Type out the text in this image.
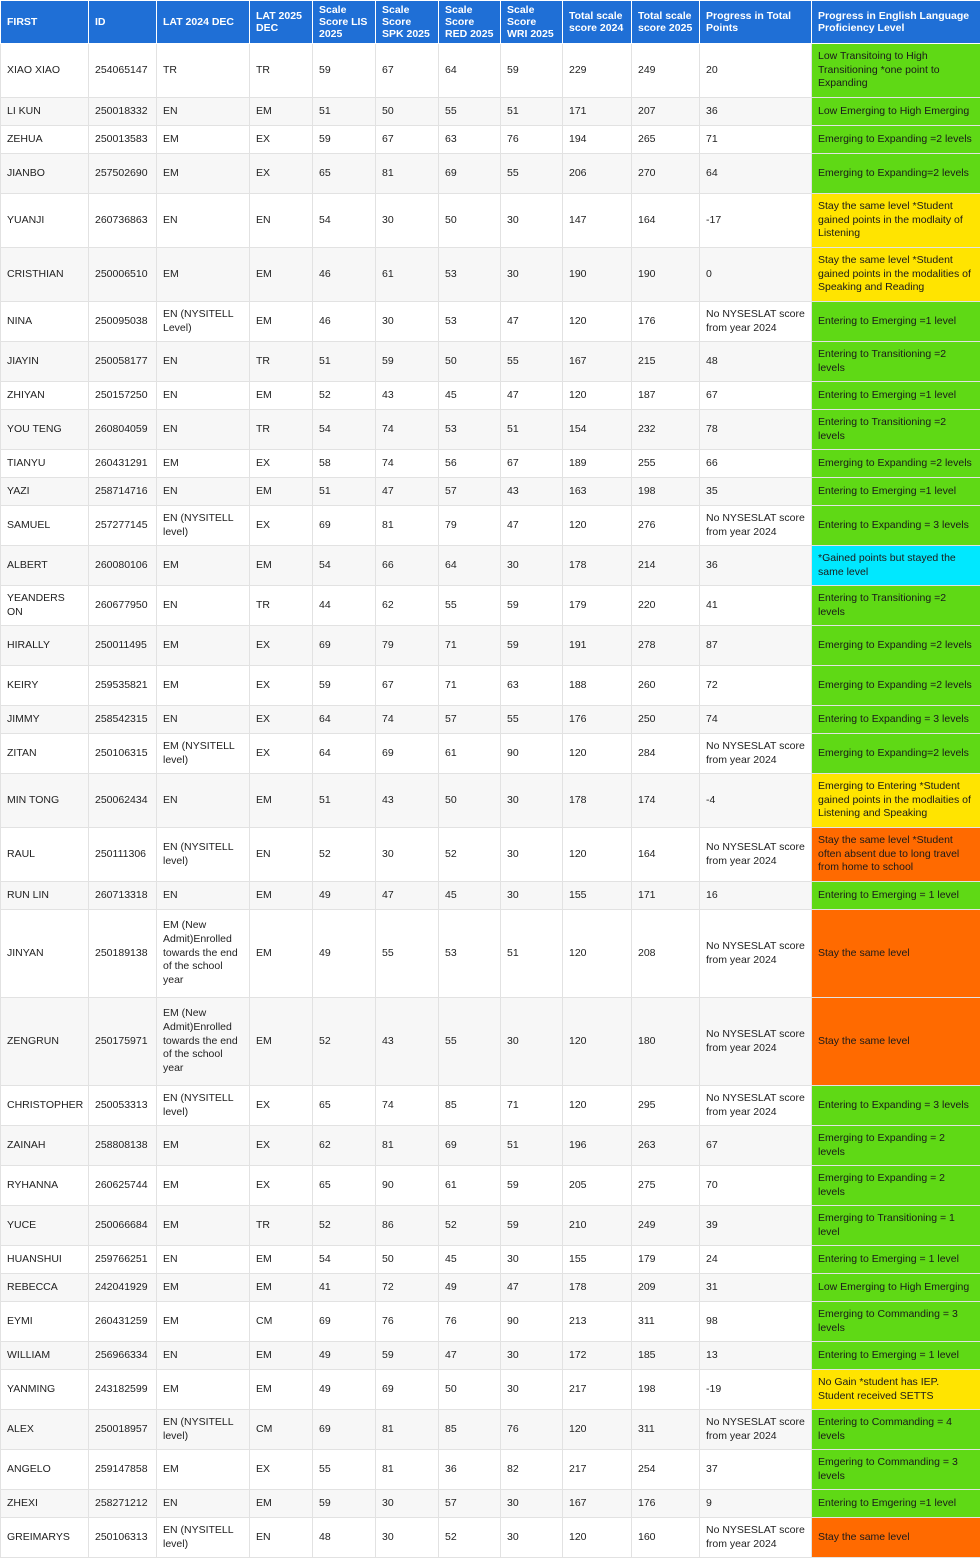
FIRST	ID	LAT 2024 DEC	LAT 2025 DEC	Scale Score LIS 2025	Scale Score SPK 2025	Scale Score RED 2025	Scale Score WRI 2025	Total scale score 2024	Total scale score 2025	Progress in Total Points	Progress in English Language Proficiency Level
XIAO XIAO	254065147	TR	TR	59	67	64	59	229	249	20	Low Transitoing to High Transitioning *one point to Expanding
LI KUN	250018332	EN	EM	51	50	55	51	171	207	36	Low Emerging to High Emerging
ZEHUA	250013583	EM	EX	59	67	63	76	194	265	71	Emerging to Expanding =2 levels
JIANBO	257502690	EM	EX	65	81	69	55	206	270	64	Emerging to Expanding=2 levels
YUANJI	260736863	EN	EN	54	30	50	30	147	164	-17	Stay the same level *Student gained points in the modlaity of Listening
CRISTHIAN	250006510	EM	EM	46	61	53	30	190	190	0	Stay the same level *Student gained points in the modalities of Speaking and Reading
NINA	250095038	EN (NYSITELL Level)	EM	46	30	53	47	120	176	No NYSESLAT score from year 2024	Entering to Emerging =1 level
JIAYIN	250058177	EN	TR	51	59	50	55	167	215	48	Entering to Transitioning =2 levels
ZHIYAN	250157250	EN	EM	52	43	45	47	120	187	67	Entering to Emerging =1 level
YOU TENG	260804059	EN	TR	54	74	53	51	154	232	78	Entering to Transitioning =2 levels
TIANYU	260431291	EM	EX	58	74	56	67	189	255	66	Emerging to Expanding =2 levels
YAZI	258714716	EN	EM	51	47	57	43	163	198	35	Entering to Emerging =1 level
SAMUEL	257277145	EN (NYSITELL level)	EX	69	81	79	47	120	276	No NYSESLAT score from year 2024	Entering to Expanding = 3 levels
ALBERT	260080106	EM	EM	54	66	64	30	178	214	36	*Gained points but stayed the same level
YEANDERS ON	260677950	EN	TR	44	62	55	59	179	220	41	Entering to Transitioning =2 levels
HIRALLY	250011495	EM	EX	69	79	71	59	191	278	87	Emerging to Expanding =2 levels
KEIRY	259535821	EM	EX	59	67	71	63	188	260	72	Emerging to Expanding =2 levels
JIMMY	258542315	EN	EX	64	74	57	55	176	250	74	Entering to Expanding = 3 levels
ZITAN	250106315	EM (NYSITELL level)	EX	64	69	61	90	120	284	No NYSESLAT score from year 2024	Emerging to Expanding=2 levels
MIN TONG	250062434	EN	EM	51	43	50	30	178	174	-4	Emerging to Entering *Student gained points in the modlaities of Listening and Speaking
RAUL	250111306	EN (NYSITELL level)	EN	52	30	52	30	120	164	No NYSESLAT score from year 2024	Stay the same level *Student often absent due to long travel from home to school
RUN LIN	260713318	EN	EM	49	47	45	30	155	171	16	Entering to Emerging = 1 level
JINYAN	250189138	EM (New Admit)Enrolled towards the end of the school year	EM	49	55	53	51	120	208	No NYSESLAT score from year 2024	Stay the same level
ZENGRUN	250175971	EM (New Admit)Enrolled towards the end of the school year	EM	52	43	55	30	120	180	No NYSESLAT score from year 2024	Stay the same level
CHRISTOPHER	250053313	EN (NYSITELL level)	EX	65	74	85	71	120	295	No NYSESLAT score from year 2024	Entering to Expanding = 3 levels
ZAINAH	258808138	EM	EX	62	81	69	51	196	263	67	Emerging to Expanding = 2 levels
RYHANNA	260625744	EM	EX	65	90	61	59	205	275	70	Emerging to Expanding = 2 levels
YUCE	250066684	EM	TR	52	86	52	59	210	249	39	Emerging to Transitioning = 1 level
HUANSHUI	259766251	EN	EM	54	50	45	30	155	179	24	Entering to Emerging = 1 level
REBECCA	242041929	EM	EM	41	72	49	47	178	209	31	Low Emerging to High Emerging
EYMI	260431259	EM	CM	69	76	76	90	213	311	98	Emerging to Commanding = 3 levels
WILLIAM	256966334	EN	EM	49	59	47	30	172	185	13	Entering to Emerging = 1 level
YANMING	243182599	EM	EM	49	69	50	30	217	198	-19	No Gain *student has IEP. Student received SETTS
ALEX	250018957	EN (NYSITELL level)	CM	69	81	85	76	120	311	No NYSESLAT score from year 2024	Entering to Commanding = 4 levels
ANGELO	259147858	EM	EX	55	81	36	82	217	254	37	Emgering to Commanding = 3 levels
ZHEXI	258271212	EN	EM	59	30	57	30	167	176	9	Entering to Emgering =1 level
GREIMARYS	250106313	EN (NYSITELL level)	EN	48	30	52	30	120	160	No NYSESLAT score from year 2024	Stay the same level
